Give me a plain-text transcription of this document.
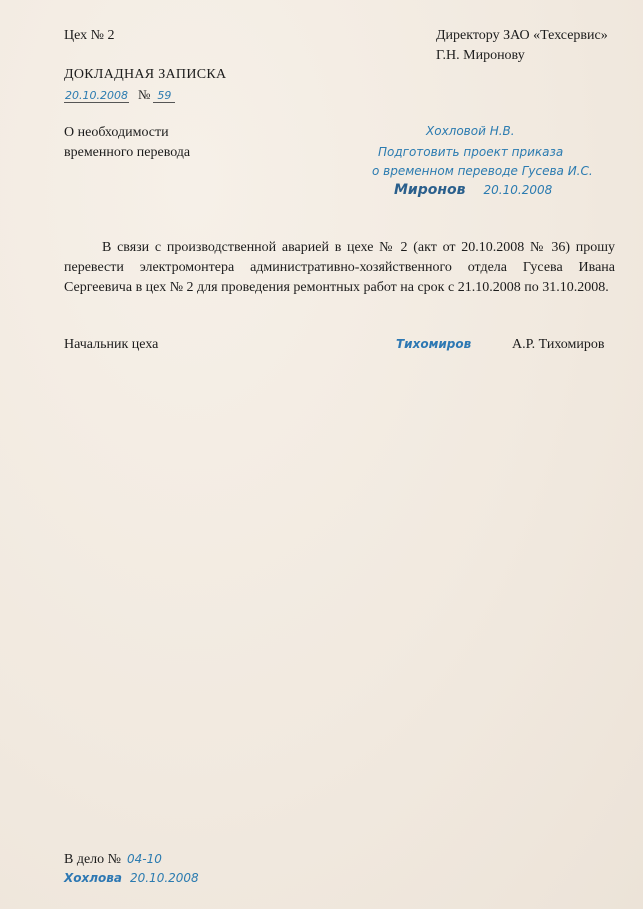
Цех № 2	Директору ЗАО «Техсервис»
Г.Н. Миронову
ДОКЛАДНАЯ ЗАПИСКА
20.10.2008 № 59
О необходимости
временного перевода
Хохловой Н.В.
Подготовить проект приказа
о временном переводе Гусева И.С.
Миронов 20.10.2008
В связи с производственной аварией в цехе № 2 (акт от 20.10.2008 № 36) прошу перевести электромонтера административно-хозяйственного отдела Гусева Ивана Сергеевича в цех № 2 для проведения ремонтных работ на срок с 21.10.2008 по 31.10.2008.
Начальник цеха	Тихомиров	А.Р. Тихомиров
В дело № 04-10
Хохлова 20.10.2008
